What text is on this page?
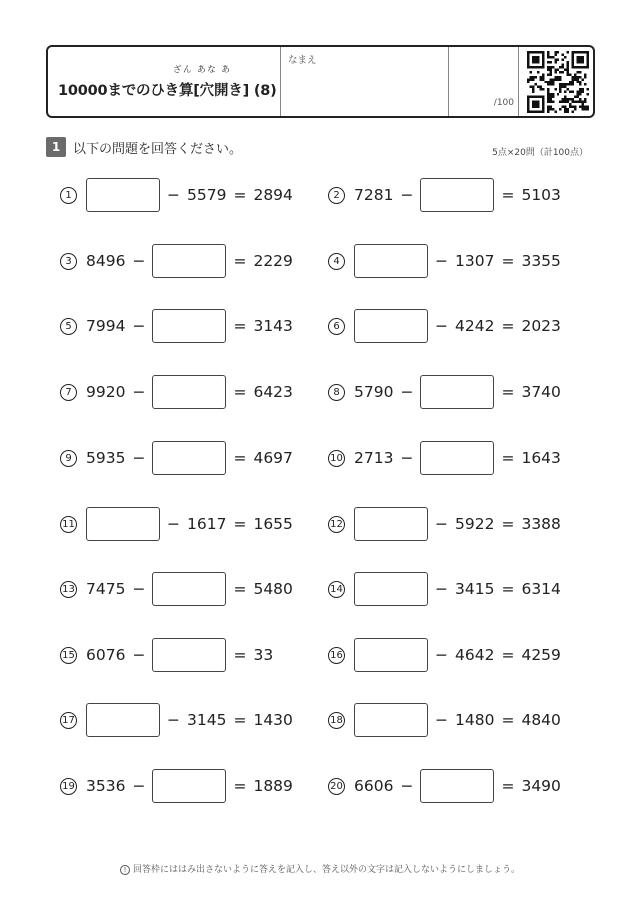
ざん あな あ
10000までのひき算[穴開き] (8)
なまえ
/100
1 以下の問題を回答ください。	5点×20問（計100点）
1	− 5579 = 2894	2 7281 −	= 5103
3 8496 −	= 2229	4	− 1307 = 3355
5 7994 −	= 3143	6	− 4242 = 2023
7 9920 −	= 6423	8 5790 −	= 3740
9 5935 −	= 4697	10 2713 −	= 1643
11	− 1617 = 1655	12	− 5922 = 3388
13 7475 −	= 5480	14	− 3415 = 6314
15 6076 −	= 33	16	− 4642 = 4259
17	− 3145 = 1430	18	− 1480 = 4840
19 3536 −	= 1889	20 6606 −	= 3490
! 回答枠にははみ出さないように答えを記入し、答え以外の文字は記入しないようにしましょう。
